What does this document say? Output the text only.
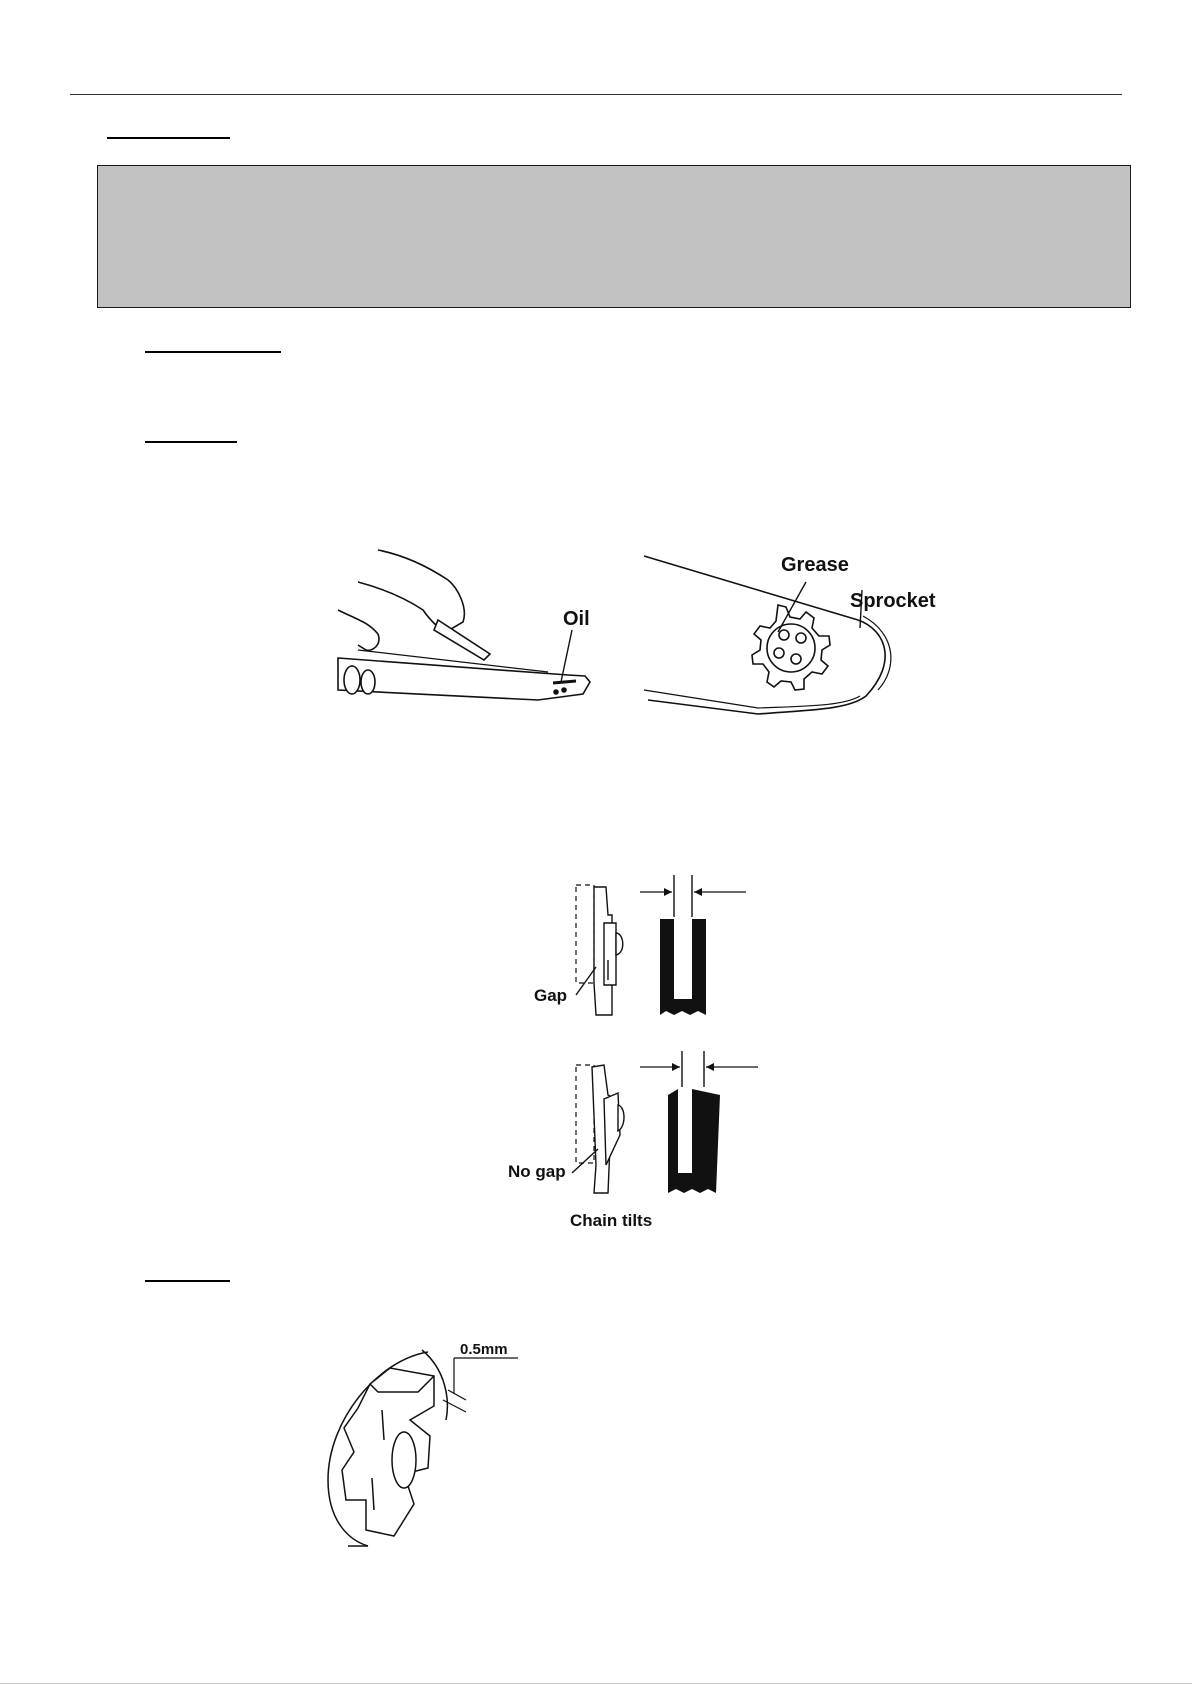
Oil
Grease
Sprocket
Gap
No gap
Chain tilts
0.5mm
